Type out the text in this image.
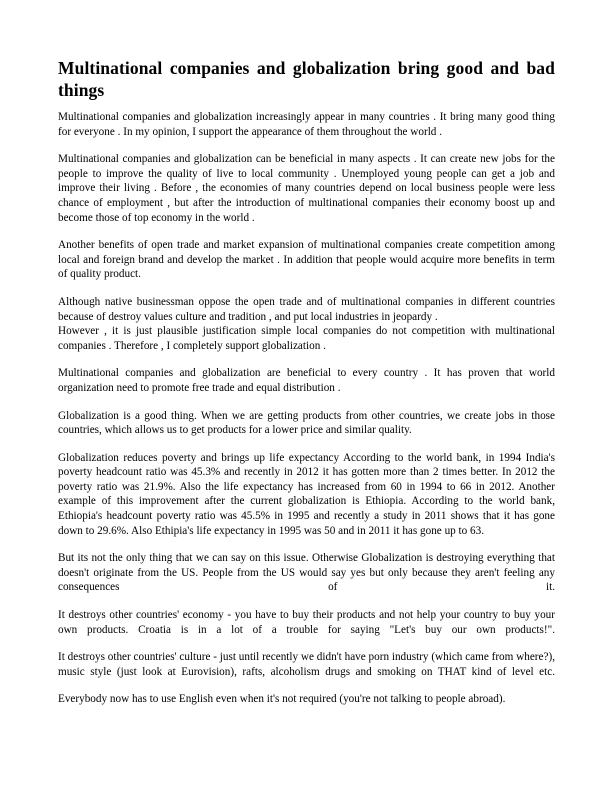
Multinational companies and globalization bring good and bad things

Multinational companies and globalization increasingly appear in many countries . It bring many good thing for everyone . In my opinion, I support the appearance of them throughout the world .

Multinational companies and globalization can be beneficial in many aspects . It can create new jobs for the people to improve the quality of live to local community . Unemployed young people can get a job and improve their living . Before , the economies of many countries depend on local business people were less chance of employment , but after the introduction of multinational companies their economy boost up and become those of top economy in the world .

Another benefits of open trade and market expansion of multinational companies create competition among local and foreign brand and develop the market . In addition that people would acquire more benefits in term of quality product.

Although native businessman oppose the open trade and of multinational companies in different countries because of destroy values culture and tradition , and put local industries in jeopardy .

However , it is just plausible justification simple local companies do not competition with multinational companies . Therefore , I completely support globalization .

Multinational companies and globalization are beneficial to every country . It has proven that world organization need to promote free trade and equal distribution .

Globalization is a good thing. When we are getting products from other countries, we create jobs in those countries, which allows us to get products for a lower price and similar quality.

Globalization reduces poverty and brings up life expectancy According to the world bank, in 1994 India's poverty headcount ratio was 45.3% and recently in 2012 it has gotten more than 2 times better. In 2012 the poverty ratio was 21.9%. Also the life expectancy has increased from 60 in 1994 to 66 in 2012. Another example of this improvement after the current globalization is Ethiopia. According to the world bank, Ethiopia's headcount poverty ratio was 45.5% in 1995 and recently a study in 2011 shows that it has gone down to 29.6%. Also Ethipia's life expectancy in 1995 was 50 and in 2011 it has gone up to 63.

But its not the only thing that we can say on this issue. Otherwise Globalization is destroying everything that doesn't originate from the US. People from the US would say yes but only because they aren't feeling any consequences of it.

It destroys other countries' economy - you have to buy their products and not help your country to buy your own products. Croatia is in a lot of a trouble for saying "Let's buy our own products!".

It destroys other countries' culture - just until recently we didn't have porn industry (which came from where?), music style (just look at Eurovision), rafts, alcoholism drugs and smoking on THAT kind of level etc.

Everybody now has to use English even when it's not required (you're not talking to people abroad).
